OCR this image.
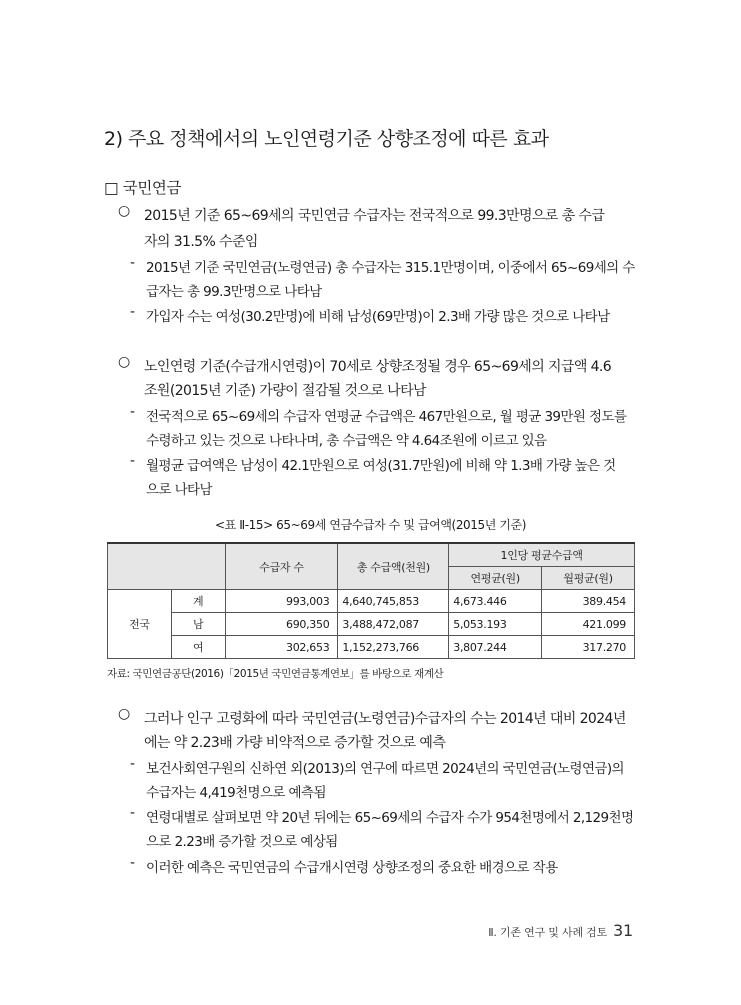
2) 주요 정책에서의 노인연령기준 상향조정에 따른 효과
□ 국민연금
○ 2015년 기준 65~69세의 국민연금 수급자는 전국적으로 99.3만명으로 총 수급
자의 31.5% 수준임
- 2015년 기준 국민연금(노령연금) 총 수급자는 315.1만명이며, 이중에서 65~69세의 수
급자는 총 99.3만명으로 나타남
- 가입자 수는 여성(30.2만명)에 비해 남성(69만명)이 2.3배 가량 많은 것으로 나타남
○ 노인연령 기준(수급개시연령)이 70세로 상향조정될 경우 65~69세의 지급액 4.6
조원(2015년 기준) 가량이 절감될 것으로 나타남
- 전국적으로 65~69세의 수급자 연평균 수급액은 467만원으로, 월 평균 39만원 정도를
수령하고 있는 것으로 나타나며, 총 수급액은 약 4.64조원에 이르고 있음
- 월평균 급여액은 남성이 42.1만원으로 여성(31.7만원)에 비해 약 1.3배 가량 높은 것
으로 나타남
<표 Ⅱ-15> 65~69세 연금수급자 수 및 급여액(2015년 기준)
		수급자 수	총 수급액(천원)	1인당 평균수급액	
				연평균(원)	월평균(원)
전국	계	993,003	4,640,745,853	4,673.446	389.454
	남	690,350	3,488,472,087	5,053.193	421.099
	여	302,653	1,152,273,766	3,807.244	317.270
자료: 국민연금공단(2016)「2015년 국민연금통계연보」를 바탕으로 재계산
○ 그러나 인구 고령화에 따라 국민연금(노령연금)수급자의 수는 2014년 대비 2024년
에는 약 2.23배 가량 비약적으로 증가할 것으로 예측
- 보건사회연구원의 신하연 외(2013)의 연구에 따르면 2024년의 국민연금(노령연금)의
수급자는 4,419천명으로 예측됨
- 연령대별로 살펴보면 약 20년 뒤에는 65~69세의 수급자 수가 954천명에서 2,129천명
으로 2.23배 증가할 것으로 예상됨
- 이러한 예측은 국민연금의 수급개시연령 상향조정의 중요한 배경으로 작용
Ⅱ. 기존 연구 및 사례 검토 31
